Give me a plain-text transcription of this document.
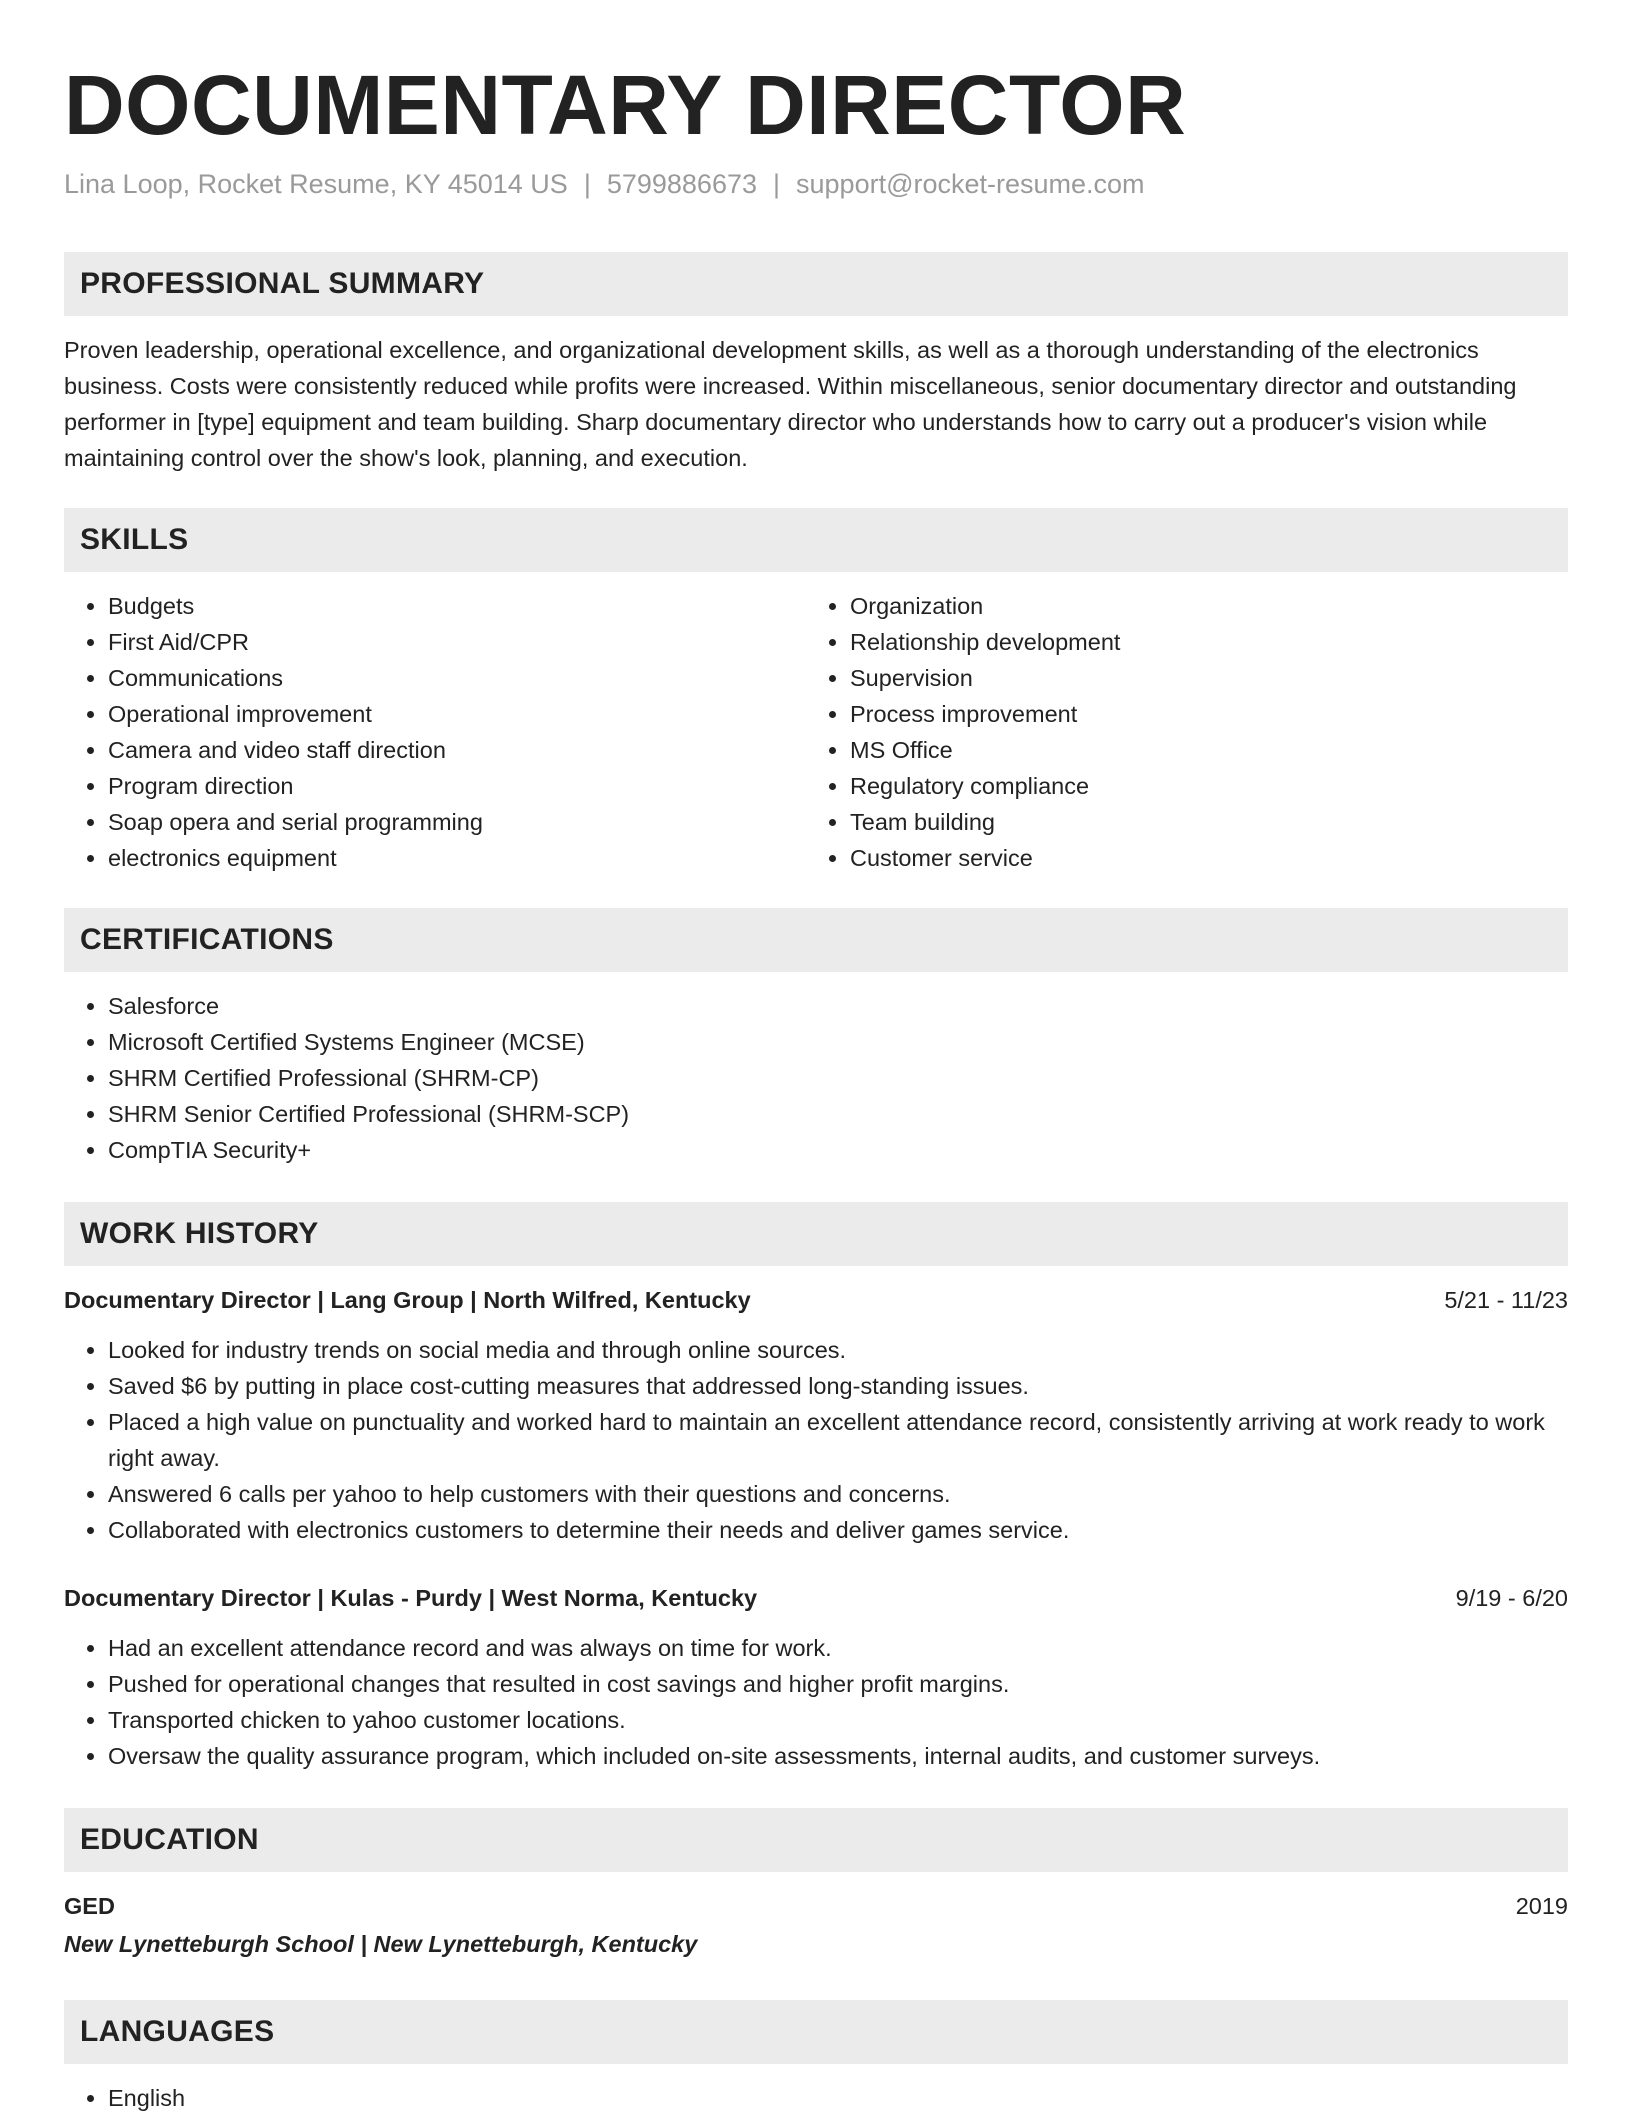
DOCUMENTARY DIRECTOR
Lina Loop, Rocket Resume, KY 45014 US | 5799886673 | support@rocket-resume.com
PROFESSIONAL SUMMARY
Proven leadership, operational excellence, and organizational development skills, as well as a thorough understanding of the electronics business. Costs were consistently reduced while profits were increased. Within miscellaneous, senior documentary director and outstanding performer in [type] equipment and team building. Sharp documentary director who understands how to carry out a producer's vision while maintaining control over the show's look, planning, and execution.
SKILLS
• Budgets
• First Aid/CPR
• Communications
• Operational improvement
• Camera and video staff direction
• Program direction
• Soap opera and serial programming
• electronics equipment
• Organization
• Relationship development
• Supervision
• Process improvement
• MS Office
• Regulatory compliance
• Team building
• Customer service
CERTIFICATIONS
• Salesforce
• Microsoft Certified Systems Engineer (MCSE)
• SHRM Certified Professional (SHRM-CP)
• SHRM Senior Certified Professional (SHRM-SCP)
• CompTIA Security+
WORK HISTORY
Documentary Director | Lang Group | North Wilfred, Kentucky	5/21 - 11/23
• Looked for industry trends on social media and through online sources.
• Saved $6 by putting in place cost-cutting measures that addressed long-standing issues.
• Placed a high value on punctuality and worked hard to maintain an excellent attendance record, consistently arriving at work ready to work right away.
• Answered 6 calls per yahoo to help customers with their questions and concerns.
• Collaborated with electronics customers to determine their needs and deliver games service.
Documentary Director | Kulas - Purdy | West Norma, Kentucky	9/19 - 6/20
• Had an excellent attendance record and was always on time for work.
• Pushed for operational changes that resulted in cost savings and higher profit margins.
• Transported chicken to yahoo customer locations.
• Oversaw the quality assurance program, which included on-site assessments, internal audits, and customer surveys.
EDUCATION
GED	2019
New Lynetteburgh School | New Lynetteburgh, Kentucky
LANGUAGES
• English
